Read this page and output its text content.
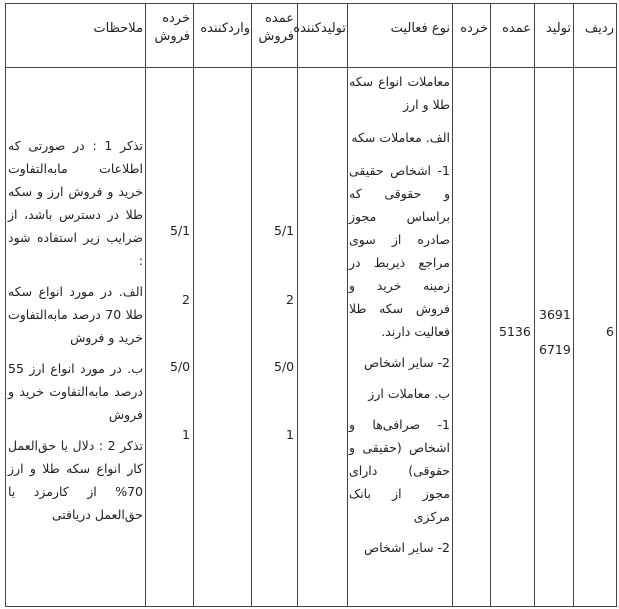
ردیف
تولید
عمده
خرده
نوع فعالیت
تولیدکننده
عمده فروش
واردکننده
خرده فروش
ملاحظات
6
3691
6719
5136

معاملات انواع سکه طلا و ارز

الف. معاملات سکه

1- اشخاص حقیقی و حقوقی که براساس مجوز صادره از سوی مراجع ذیربط در زمینه خرید و فروش سکه طلا فعالیت دارند.

2- سایر اشخاص

ب. معاملات ارز

1- صرافی‌ها و اشخاص (حقیقی و حقوقی) دارای مجوز از بانک مرکزی

2- سایر اشخاص

5/1
2
5/0
1
5/1
2
5/0
1

تذکر 1 : در صورتی که اطلاعات مابه‌التفاوت خرید و فروش ارز و سکه طلا در دسترس باشد، از ضرایب زیر استفاده شود :

الف. در مورد انواع سکه طلا 70 درصد مابه‌التفاوت خرید و فروش

ب. در مورد انواع ارز 55 درصد مابه‌التفاوت خرید و فروش

تذکر 2 : دلال یا حق‌العمل کار انواع سکه طلا و ارز 70% از کارمزد یا حق‌العمل دریافتی
